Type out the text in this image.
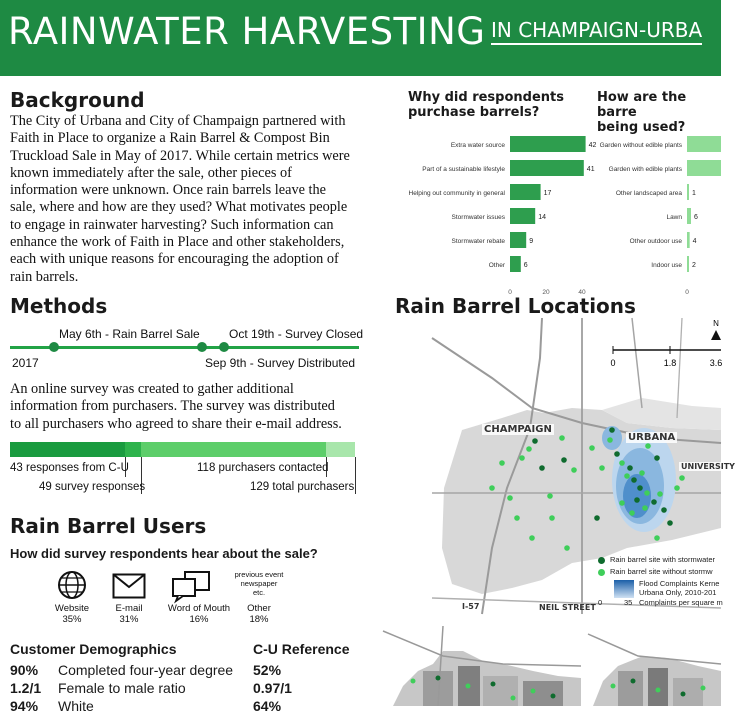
RAINWATER HARVESTING IN CHAMPAIGN-URBA
Background
The City of Urbana and City of Champaign partnered with
Faith in Place to organize a Rain Barrel & Compost Bin
Truckload Sale in May of 2017. While certain metrics were
known immediately after the sale, other pieces of
information were unknown. Once rain barrels leave the
sale, where and how are they used? What motivates people
to engage in rainwater harvesting? Such information can
enhance the work of Faith in Place and other stakeholders,
each with unique reasons for encouraging the adoption of
rain barrels.
Methods
May 6th - Rain Barrel Sale Oct 19th - Survey Closed
2017	Sep 9th - Survey Distributed
An online survey was created to gather additional
information from purchasers. The survey was distributed
to all purchasers who agreed to share their e-mail address.
43 responses from C-U
49 survey responses
118 purchasers contacted
129 total purchasers
Rain Barrel Users
How did survey respondents hear about the sale?
Website
35%
E-mail
31%
Word of Mouth
16%
previous event
newspaper
etc.
Other
18%
Customer Demographics	C-U Reference
90% Completed four-year degree 52%
1.2/1 Female to male ratio	0.97/1
94% White	64%
Why did respondents purchase barrels?
Extra water source	42
Part of a sustainable lifestyle	41
Helping out community in general	17
Stormwater issues	14
Stormwater rebate	9
Other	6
0	20	40
How are the barre
being used?
Garden without edible plants
Garden with edible plants
Other landscaped area 1
Lawn 6
Other outdoor use 4
Indoor use 2
0
Rain Barrel Locations
0	1.8	3.6
N
CHAMPAIGN
URBANA
UNIVERSITY
I-57	NEIL STREET
Rain barrel site with stormwater
Rain barrel site without stormw
Flood Complaints Kerne
Urbana Only, 2010-201
0	35 Complaints per square m
